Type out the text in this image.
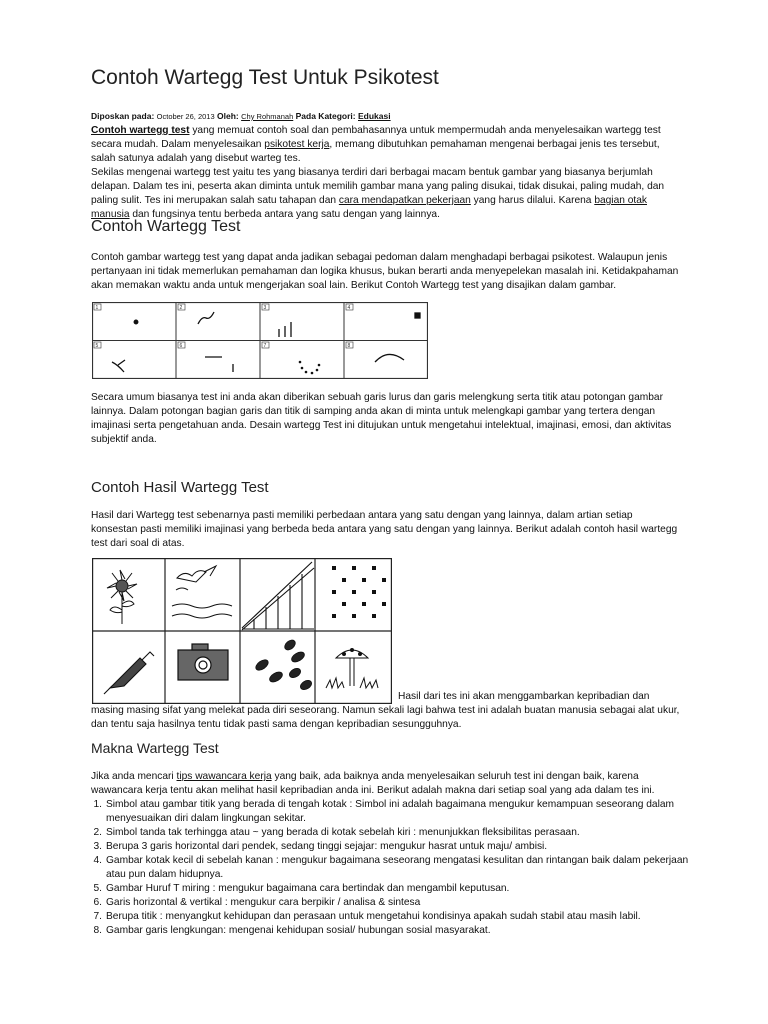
Contoh Wartegg Test Untuk Psikotest
Diposkan pada: October 26, 2013 Oleh: Chy Rohmanah Pada Kategori: Edukasi
Contoh wartegg test yang memuat contoh soal dan pembahasannya untuk mempermudah anda menyelesaikan wartegg test secara mudah. Dalam menyelesaikan psikotest kerja, memang dibutuhkan pemahaman mengenai berbagai jenis tes tersebut, salah satunya adalah yang disebut warteg tes.
Sekilas mengenai wartegg test yaitu tes yang biasanya terdiri dari berbagai macam bentuk gambar yang biasanya berjumlah delapan. Dalam tes ini, peserta akan diminta untuk memilih gambar mana yang paling disukai, tidak disukai, paling mudah, dan paling sulit. Tes ini merupakan salah satu tahapan dan cara mendapatkan pekerjaan yang harus dilalui. Karena bagian otak manusia dan fungsinya tentu berbeda antara yang satu dengan yang lainnya.
Contoh Wartegg Test
Contoh gambar wartegg test yang dapat anda jadikan sebagai pedoman dalam menghadapi berbagai psikotest. Walaupun jenis pertanyaan ini tidak memerlukan pemahaman dan logika khusus, bukan berarti anda menyepelekan masalah ini. Ketidakpahaman akan memakan waktu anda untuk mengerjakan soal lain. Berikut Contoh Wartegg test yang disajikan dalam gambar.
1	2	3	4
5	6	7	8
Secara umum biasanya test ini anda akan diberikan sebuah garis lurus dan garis melengkung serta titik atau potongan gambar lainnya. Dalam potongan bagian garis dan titik di samping anda akan di minta untuk melengkapi gambar yang tertera dengan imajinasi serta pengetahuan anda. Desain wartegg Test ini ditujukan untuk mengetahui intelektual, imajinasi, emosi, dan aktivitas subjektif anda.
Contoh Hasil Wartegg Test
Hasil dari Wartegg test sebenarnya pasti memiliki perbedaan antara yang satu dengan yang lainnya, dalam artian setiap konsestan pasti memiliki imajinasi yang berbeda beda antara yang satu dengan yang lainnya. Berikut adalah contoh hasil wartegg test dari soal di atas.
Hasil dari tes ini akan menggambarkan kepribadian dan
masing masing sifat yang melekat pada diri seseorang. Namun sekali lagi bahwa test ini adalah buatan manusia sebagai alat ukur, dan tentu saja hasilnya tentu tidak pasti sama dengan kepribadian sesungguhnya.
Makna Wartegg Test
Jika anda mencari tips wawancara kerja yang baik, ada baiknya anda menyelesaikan seluruh test ini dengan baik, karena wawancara kerja tentu akan melihat hasil kepribadian anda ini. Berikut adalah makna dari setiap soal yang ada dalam tes ini.
1. Simbol atau gambar titik yang berada di tengah kotak : Simbol ini adalah bagaimana mengukur kemampuan seseorang dalam menyesuaikan diri dalam lingkungan sekitar.
2. Simbol tanda tak terhingga atau ~ yang berada di kotak sebelah kiri : menunjukkan fleksibilitas perasaan.
3. Berupa 3 garis horizontal dari pendek, sedang tinggi sejajar: mengukur hasrat untuk maju/ ambisi.
4. Gambar kotak kecil di sebelah kanan : mengukur bagaimana seseorang mengatasi kesulitan dan rintangan baik dalam pekerjaan atau pun dalam hidupnya.
5. Gambar Huruf T miring : mengukur bagaimana cara bertindak dan mengambil keputusan.
6. Garis horizontal & vertikal : mengukur cara berpikir / analisa & sintesa
7. Berupa titik : menyangkut kehidupan dan perasaan untuk mengetahui kondisinya apakah sudah stabil atau masih labil.
8. Gambar garis lengkungan: mengenai kehidupan sosial/ hubungan sosial masyarakat.
